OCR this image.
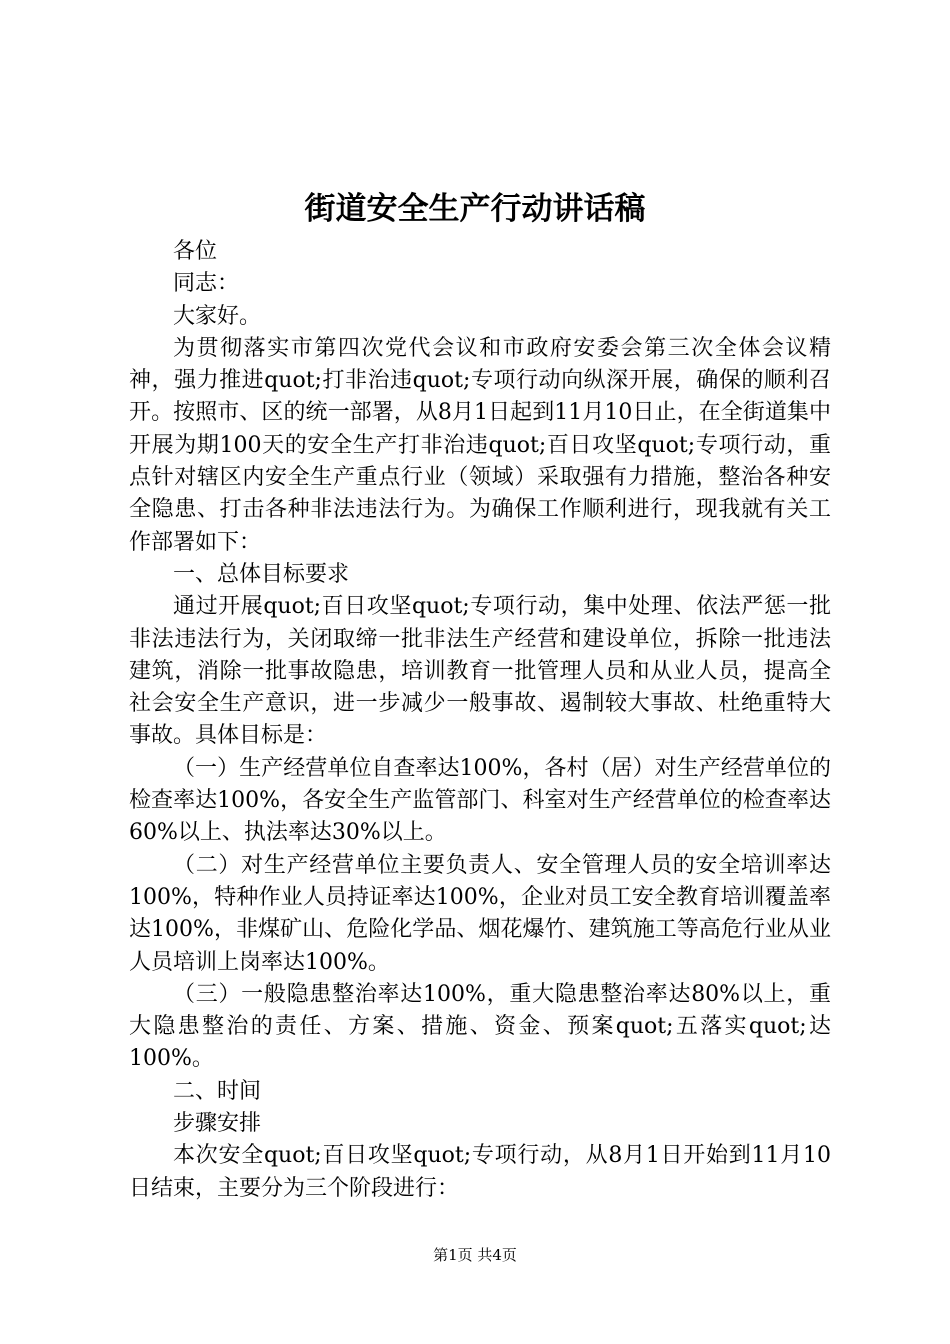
街道安全生产行动讲话稿

各位

同志：

大家好。

为贯彻落实市第四次党代会议和市政府安委会第三次全体会议精神，强力推进quot;打非治违quot;专项行动向纵深开展，确保的顺利召开。按照市、区的统一部署，从8月1日起到11月10日止，在全街道集中开展为期100天的安全生产打非治违quot;百日攻坚quot;专项行动，重点针对辖区内安全生产重点行业（领域）采取强有力措施，整治各种安全隐患、打击各种非法违法行为。为确保工作顺利进行，现我就有关工作部署如下：

一、总体目标要求

通过开展quot;百日攻坚quot;专项行动，集中处理、依法严惩一批非法违法行为，关闭取缔一批非法生产经营和建设单位，拆除一批违法建筑，消除一批事故隐患，培训教育一批管理人员和从业人员，提高全社会安全生产意识，进一步减少一般事故、遏制较大事故、杜绝重特大事故。具体目标是：

（一）生产经营单位自查率达100%，各村（居）对生产经营单位的检查率达100%，各安全生产监管部门、科室对生产经营单位的检查率达60%以上、执法率达30%以上。

（二）对生产经营单位主要负责人、安全管理人员的安全培训率达100%，特种作业人员持证率达100%，企业对员工安全教育培训覆盖率达100%，非煤矿山、危险化学品、烟花爆竹、建筑施工等高危行业从业人员培训上岗率达100%。

（三）一般隐患整治率达100%，重大隐患整治率达80%以上，重大隐患整治的责任、方案、措施、资金、预案quot;五落实quot;达100%。

二、时间

步骤安排

本次安全quot;百日攻坚quot;专项行动，从8月1日开始到11月10日结束，主要分为三个阶段进行：

第1页 共4页
